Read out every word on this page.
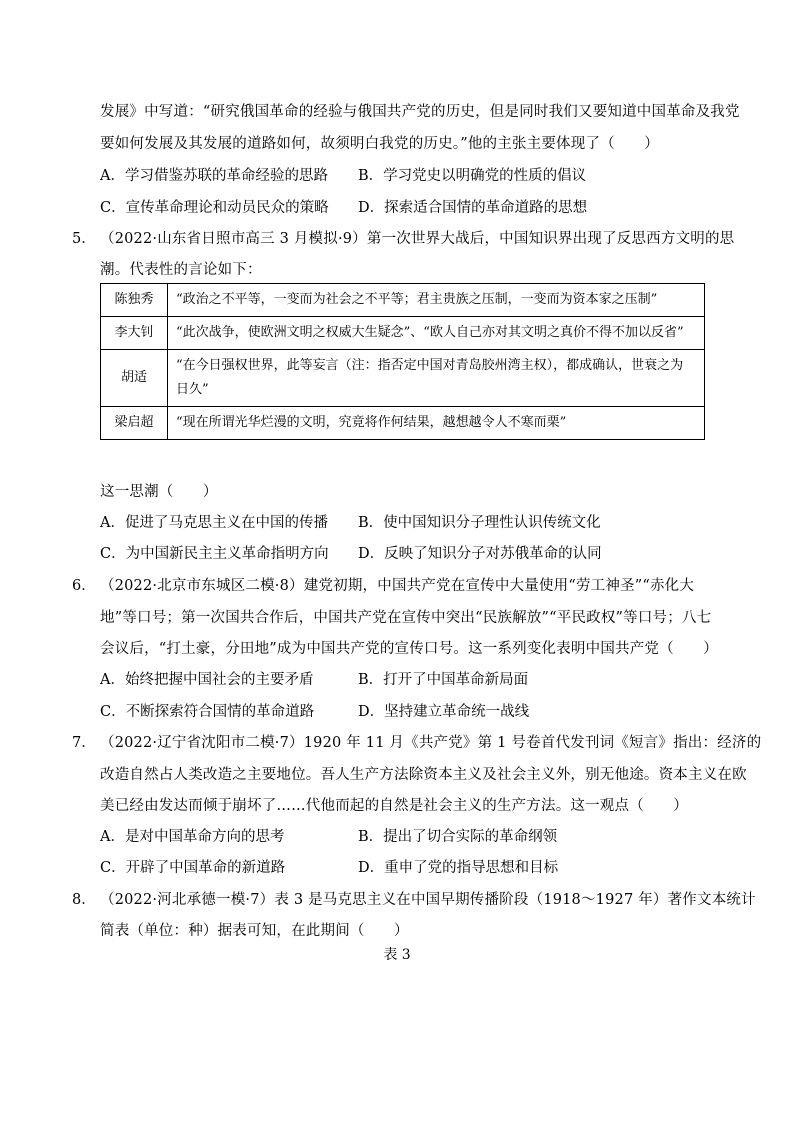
发展》中写道：“研究俄国革命的经验与俄国共产党的历史，但是同时我们又要知道中国革命及我党
要如何发展及其发展的道路如何，故须明白我党的历史。”他的主张主要体现了（　　）
A．学习借鉴苏联的革命经验的思路 B．学习党史以明确党的性质的倡议
C．宣传革命理论和动员民众的策略 D．探索适合国情的革命道路的思想
5． （2022·山东省日照市高三 3 月模拟·9）第一次世界大战后，中国知识界出现了反思西方文明的思
潮。代表性的言论如下：
陈独秀	“政治之不平等，一变而为社会之不平等；君主贵族之压制，一变而为资本家之压制”
李大钊	“此次战争，使欧洲文明之权威大生疑念”、“欧人自己亦对其文明之真价不得不加以反省”
胡适	“在今日强权世界，此等妄言（注：指否定中国对青岛胶州湾主权），都成确认，世衰之为日久”
梁启超	“现在所谓光华烂漫的文明，究竟将作何结果，越想越令人不寒而栗”
这一思潮（　　）
A．促进了马克思主义在中国的传播 B．使中国知识分子理性认识传统文化
C．为中国新民主主义革命指明方向 D．反映了知识分子对苏俄革命的认同
6． （2022·北京市东城区二模·8）建党初期，中国共产党在宣传中大量使用“劳工神圣”“赤化大
地”等口号；第一次国共合作后，中国共产党在宣传中突出“民族解放”“平民政权”等口号；八七
会议后，“打土豪，分田地”成为中国共产党的宣传口号。这一系列变化表明中国共产党（　　）
A．始终把握中国社会的主要矛盾	B．打开了中国革命新局面
C．不断探索符合国情的革命道路	D．坚持建立革命统一战线
7． （2022·辽宁省沈阳市二模·7）1920 年 11 月《共产党》第 1 号卷首代发刊词《短言》指出：经济的
改造自然占人类改造之主要地位。吾人生产方法除资本主义及社会主义外，别无他途。资本主义在欧
美已经由发达而倾于崩坏了……代他而起的自然是社会主义的生产方法。这一观点（　　）
A．是对中国革命方向的思考	B．提出了切合实际的革命纲领
C．开辟了中国革命的新道路	D．重申了党的指导思想和目标
8． （2022·河北承德一模·7）表 3 是马克思主义在中国早期传播阶段（1918～1927 年）著作文本统计
简表（单位：种）据表可知，在此期间（　　）
表 3
